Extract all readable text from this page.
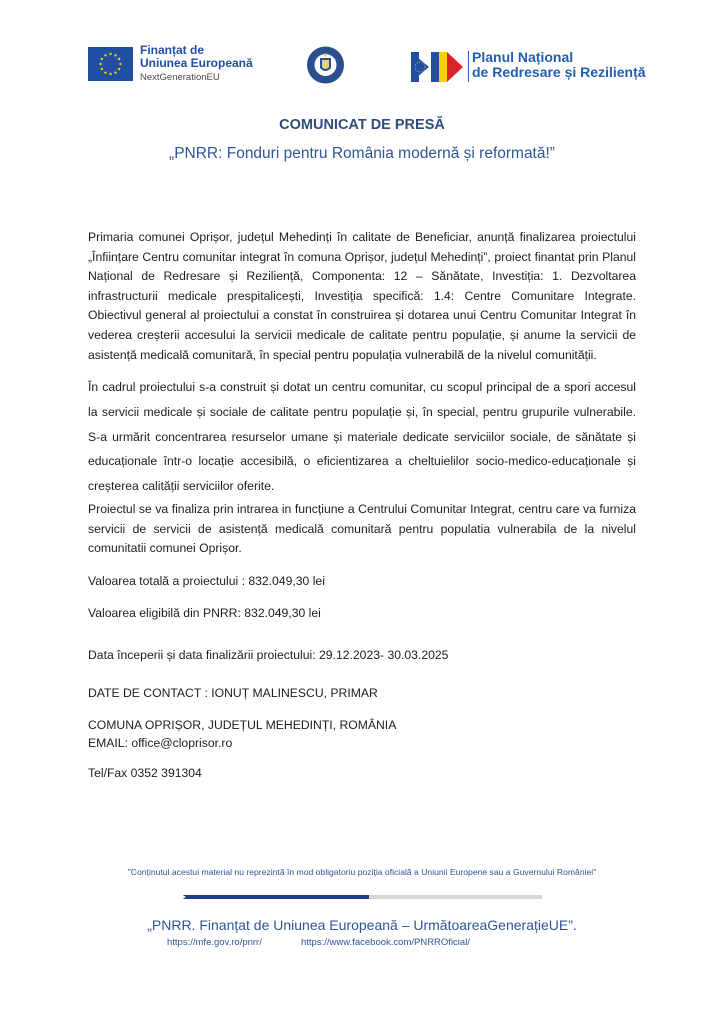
Finanțat de
Uniunea Europeană
NextGenerationEU
Planul Național
de Redresare și Reziliență
COMUNICAT DE PRESĂ
„PNRR: Fonduri pentru România modernă și reformată!”

Primaria comunei Oprișor, județul Mehedinți în calitate de Beneficiar, anunță finalizarea proiectului „Înființare Centru comunitar integrat în comuna Oprișor, județul Mehedinți”, proiect finantat prin Planul Național de Redresare și Reziliență, Componenta: 12 – Sănătate, Investiția: 1. Dezvoltarea infrastructurii medicale prespitalicești, Investiția specifică: 1.4: Centre Comunitare Integrate. Obiectivul general al proiectului a constat în construirea și dotarea unui Centru Comunitar Integrat în vederea creșterii accesului la servicii medicale de calitate pentru populație, și anume la servicii de asistență medicală comunitară, în special pentru populația vulnerabilă de la nivelul comunității.

În cadrul proiectului s-a construit și dotat un centru comunitar, cu scopul principal de a spori accesul la servicii medicale și sociale de calitate pentru populație și, în special, pentru grupurile vulnerabile. S-a urmărit concentrarea resurselor umane și materiale dedicate serviciilor sociale, de sănătate și educaționale într-o locație accesibilă, o eficientizarea a cheltuielilor socio-medico-educaționale și creșterea calității serviciilor oferite.

Proiectul se va finaliza prin intrarea in funcțiune a Centrului Comunitar Integrat, centru care va furniza servicii de servicii de asistență medicală comunitară pentru populatia vulnerabila de la nivelul comunitatii comunei Oprișor.

Valoarea totală a proiectului : 832.049,30 lei
Valoarea eligibilă din PNRR: 832.049,30 lei
Data începerii și data finalizării proiectului: 29.12.2023- 30.03.2025
DATE DE CONTACT : IONUȚ MALINESCU, PRIMAR
COMUNA OPRIȘOR, JUDEȚUL MEHEDINȚI, ROMÂNIA
EMAIL: office@cloprisor.ro
Tel/Fax 0352 391304
"Conținutul acestui material nu reprezintă în mod obligatoriu poziția oficială a Uniunii Europene sau a Guvernului României"
„PNRR. Finanțat de Uniunea Europeană – UrmătoareaGenerațieUE”.
https://mfe.gov.ro/pnrr/	https://www.facebook.com/PNRROficial/
